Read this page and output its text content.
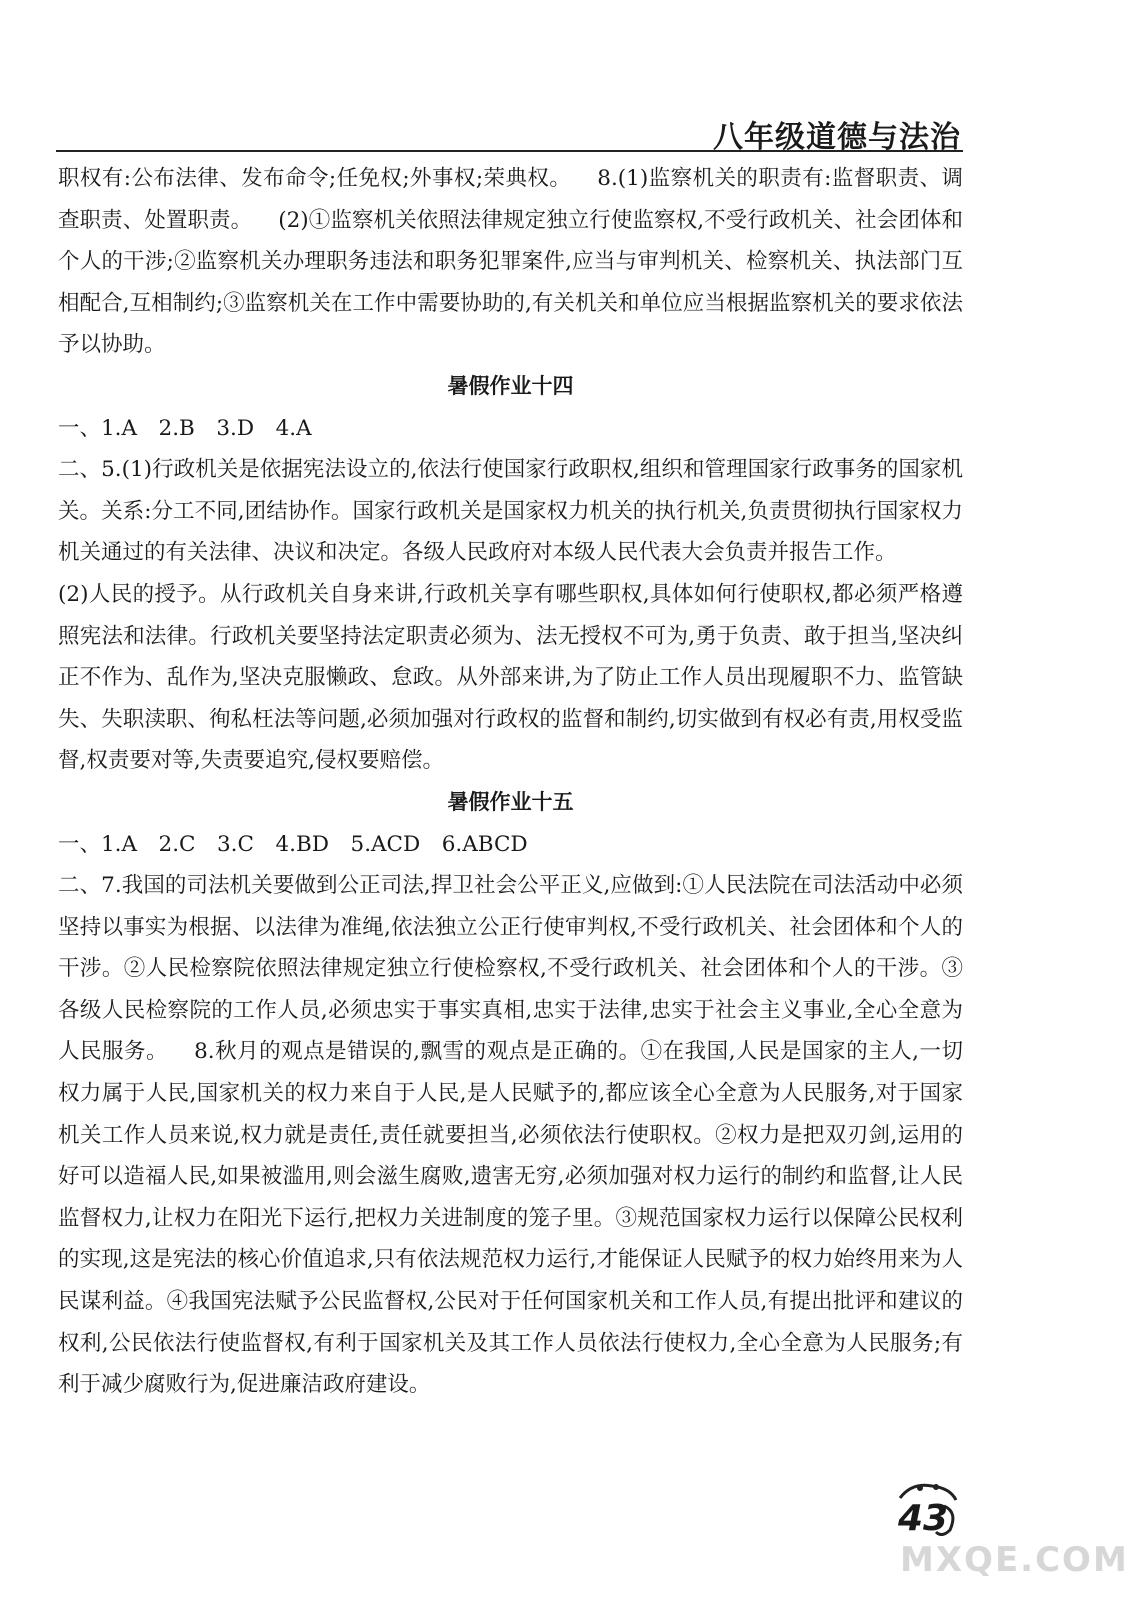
八年级道德与法治

职权有:公布法律、发布命令;任免权;外事权;荣典权。 8.(1)监察机关的职责有:监督职责、调查职责、处置职责。 (2)①监察机关依照法律规定独立行使监察权,不受行政机关、社会团体和个人的干涉;②监察机关办理职务违法和职务犯罪案件,应当与审判机关、检察机关、执法部门互相配合,互相制约;③监察机关在工作中需要协助的,有关机关和单位应当根据监察机关的要求依法予以协助。

暑假作业十四

一、1.A　2.B　3.D　4.A

二、5.(1)行政机关是依据宪法设立的,依法行使国家行政职权,组织和管理国家行政事务的国家机关。关系:分工不同,团结协作。国家行政机关是国家权力机关的执行机关,负责贯彻执行国家权力机关通过的有关法律、决议和决定。各级人民政府对本级人民代表大会负责并报告工作。

(2)人民的授予。从行政机关自身来讲,行政机关享有哪些职权,具体如何行使职权,都必须严格遵照宪法和法律。行政机关要坚持法定职责必须为、法无授权不可为,勇于负责、敢于担当,坚决纠正不作为、乱作为,坚决克服懒政、怠政。从外部来讲,为了防止工作人员出现履职不力、监管缺失、失职渎职、徇私枉法等问题,必须加强对行政权的监督和制约,切实做到有权必有责,用权受监督,权责要对等,失责要追究,侵权要赔偿。

暑假作业十五

一、1.A　2.C　3.C　4.BD　5.ACD　6.ABCD

二、7.我国的司法机关要做到公正司法,捍卫社会公平正义,应做到:①人民法院在司法活动中必须坚持以事实为根据、以法律为准绳,依法独立公正行使审判权,不受行政机关、社会团体和个人的干涉。②人民检察院依照法律规定独立行使检察权,不受行政机关、社会团体和个人的干涉。③各级人民检察院的工作人员,必须忠实于事实真相,忠实于法律,忠实于社会主义事业,全心全意为人民服务。 8.秋月的观点是错误的,飘雪的观点是正确的。①在我国,人民是国家的主人,一切权力属于人民,国家机关的权力来自于人民,是人民赋予的,都应该全心全意为人民服务,对于国家机关工作人员来说,权力就是责任,责任就要担当,必须依法行使职权。②权力是把双刃剑,运用的好可以造福人民,如果被滥用,则会滋生腐败,遗害无穷,必须加强对权力运行的制约和监督,让人民监督权力,让权力在阳光下运行,把权力关进制度的笼子里。③规范国家权力运行以保障公民权利的实现,这是宪法的核心价值追求,只有依法规范权力运行,才能保证人民赋予的权力始终用来为人民谋利益。④我国宪法赋予公民监督权,公民对于任何国家机关和工作人员,有提出批评和建议的权利,公民依法行使监督权,有利于国家机关及其工作人员依法行使权力,全心全意为人民服务;有利于减少腐败行为,促进廉洁政府建设。

43
MXQE.COM
